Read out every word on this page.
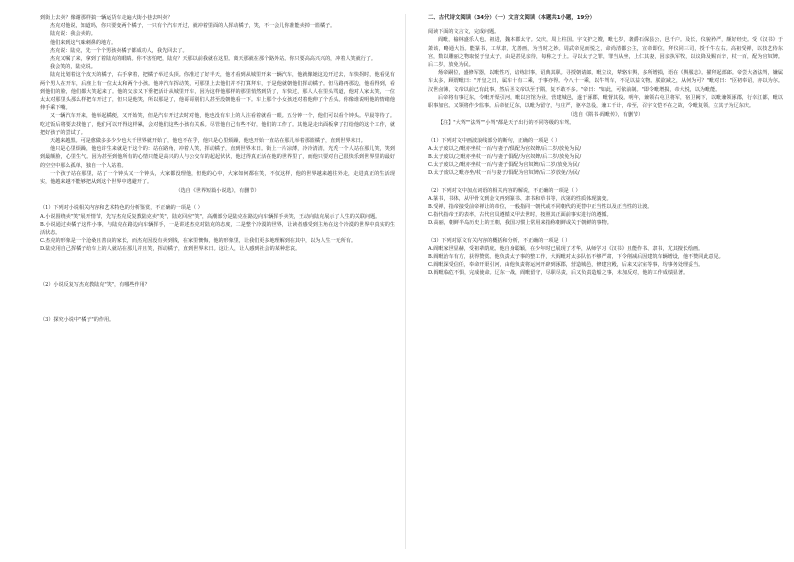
到街上去卖？像谢那样搞一辆运货车走遍大街小巷去叫卖？

杰克对他说，知道吗，你只要变两个橘子，一只有个汽车开过，就冲着里面的人挥动橘子，笑，不一会儿你准能卖掉一篮橘子。

陆克说：我会卖的。

他们来到这气味刺鼻的地方。

杰克说：陆克，先一个个男孩卖橘子都成功人，我先回去了。

杰克又嘱了来，拿到了着陆克的眼睛。你不害怕吧，陆克？天那以前我就在这里。离天那就在那个路外站。你只要高高兴兴的，冲着人笑就行了。

我会笑的，陆克说。

陆克比划着这个皮天的橘子，右手拿着，把橘子举过头顶。你准过了好半天，他才看到从城里开来一辆汽车，他就像她这边开过去，车快拐时，他看见有两个男人在开车，后座上有一位太太和两个小孩。他冲汽车挥动笑，可那里上去他们并不打算拜车，于是他就朝他们挥动橘子。但马路再那边，他看得到，看到他们的脸，他们都大笑起来了。他的父亲又下垂把活计从城里开车，因为这样他那样的那里悄然到货了，车快过，那人人在里头骂道，他对人家太笑，一位太太对那里头那么样把车开过了，但只是他笑，所以那是了，他哥哥别们人甚至没朝他看一下。车上那个小女孩还对着他伸了个舌头。你像谁说明他的情绪他伸手乘下嘴。

又一辆汽车开来，他举起橘便，又开始笑，但是汽车开过去时对他，他也没有车上的人注看着就看一眼。五分钟一个，他们可以看个钟头。早晨等待了。吃过饭后将要去找他了，他们可以开得这样累，会对他们这些小孩有关系。尽管他自己有些不好，他们的工作了。其他是走出面板拿了打给他的这个工作，就把好孩子的尝试了。

天越来越黑。可是愈做多多少少也大千世界就开始了，他也不在乎，他只是心里烦躁，他也开始一直站在那儿举着那篮橘子，直到世界末日。

他只是心里烦躁，他也许生来就是干这个的：站在路角，冲着人笑，挥动橘子，直到世界末日。街上一片凉薄，冷冷清清，光秃一个人站在那儿笑，笑到到最颇脸，心里生气。因为甚至到他所有的心情只能是高兴的人与公交车的起起伏伏，他过得真正活在他的世界里了，而他只要对自己很快乐到世界里的最好的空空中那么孤单，独自一个人站着。

一个孩子站在那里，站了一个钟头又一个钟头，大家都没理他，但他的心中，大家如何都在笑，不仅这样，他的世界越来越往外走，走进真正的生活现实，他越来越不能够把从到这个世界中逃避开了。

（选自《世界短篇小说选》，有删节）

（1）下列对小说相关内容和艺术特色的分析鉴赏，不正确的一项是（ ）

A.小说围绕卖"笑"展开情节，先写杰克反复教陆克卖"笑"，陆克回应"笑"，高潮部分是陆克在路边向车辆挥手卖笑，王动向陆克展示了人生的关联问题。

B.小说通过卖橘子这件小事，与陆克在路边向车辆挥手，一是讲述杰克对陆克的态度，二是整个冷漠的世界，让读者感受到主角在这个冷漠的世界中真实的生活状态。

C.杰克的形象是一个沧桑且善良的家长，而杰克因没有卖到钱，在家里懊悔，他的形象里，让我们更多地理解到在其中，以为人生一无所有。

D.陆克用自己挥橘子给车上的人就站在那儿并且笑，挥动橘子，直到世界末日。这让人，让人感到社会的某种悲哀。

（2）小说反复写杰克教陆克"笑"，有哪些作用？

（3）探究小说中"橘子"的作用。

二、古代诗文阅读（34分）（一）文言文阅读（本题共1小题，19分）

阅读下面的文言文，完成问题。

阎毗，榆林盛乐人也。祖进，魏本郡太守。父庆，周上柱国。宇文护之嫂，毗七岁，袭爵石保县公，邑千户。及长，仪貌矜严，颇好经史。受《汉书》于萧该，略通大旨。能篆书，工草隶，尤善画，为当时之妙。周武帝见而悦之，命尚清都公主，宣帝即位，拜仪同三司，授千牛左右。高祖受禅，以技艺侍东宫，数以雕丽之物取悦于皇太子，由是甚见亲待，每称之于上。寻以太子之罪，罪当从坐，上仁其妻，因亲执军牧，以议降及赐百辛，杖一百，配为官奴婢。后二岁，放免为民。

炀帝嗣位，盛修军器，以毗性巧，谙练旧事，诏典其职。寻授朝请郎。毗立议，辇辂车舆，多所增损，语在《舆服志》。擢拜起部郎。帝尝大备法驾，嫌属车太多，顾谓毗曰："开皇之日，属车十有二乘，于事亦得。今八十一乘，以牛驾车，不足以益文物。朕欲减之，从何为可？"毗对曰："臣初奉诏，亦以为尔。汉世卤簿，文帝以前已有此事，然后圣文帝以至于隋，复不敢不多。"帝曰："如此，可依前制。"即令毗增损，帝大悦，以为毗能。

后帝将有事辽东，令毗开渠引河，毗以宫馆为业，营建城邑，遂于涿郡，毗督其役。明年，兼领右屯卫将军，宿卫阙下，以毗兼领涿郡，行幸江都，毗以职事加官。又领将作少监事。后帝征辽东，以毗为留守，与庄严，驱卒急役，兼工千计，帝至，召宇文恺不在之故，令毗复领，立其子为辽东庆。

（选自《隋书·阎毗传》，有删节）

【注】"大驾""法驾""小驾"都是天子出行的不同等级的车驾。

（1）下列对文中画波浪线部分的断句，正确的一项是（ ）

A.太子废以之/毗亦坐杖一百/与妻子/俱配为官奴婢/后二岁/放免为民/

B.太子废以/之毗亦坐杖一百/与妻子俱配/为官奴婢/后二岁/放免为民/

C.太子废以之/毗亦坐杖一百/与妻子俱配为官奴婢/后二岁/放免为民/

D.太子废以之毗亦坐/杖一百与妻子/俱配为官奴婢/后二岁放免/为民/

（2）下列对文中加点词语的相关内容的解说，不正确的一项是（ ）

A.篆书，书体，从甲骨文到金文再到篆书、隶书和草书等，次第的性质体现演变。

B.受禅，指帝接受前帝禅让的帝位，一般指同一朝代或不同朝代的更替中正当性以及正当性的让渡。

C.指代指帝王的表率，古代官员遵循义甲去世时，按照其正面前事实进行的遵循。

D.高丽，朝鲜半岛历史上的王朝，我国习惯上常用来指称朝鲜或关于朝鲜的事物。

（3）下列对原文有关内容的概括和分析，不正确的一项是（ ）

A.阎毗家世显赫，受祖辈荫庇。他自身聪颖，在少年时已展现了才华，从师学习《汉书》且能作书、隶书，尤其擅长绘画。

B.阎毗治车有方，获得赞赏。他负责太子事的整工作，大阎毗对太多队伍不够严肃，下令削减后因建筑车辆增设，他不赞同此意见。

C.阎毗深受信任，奉命开渠引河，由他负责将运河开辟到涿郡，营造城邑，修建宫殿，后来又宗室等事，均事务处理妥当。

D.阎毗临危不惧，完成使命。辽东一战，阎毗留守，尽职尽责，后又负责造船之事，未加反对，他的工作成绩显著。
